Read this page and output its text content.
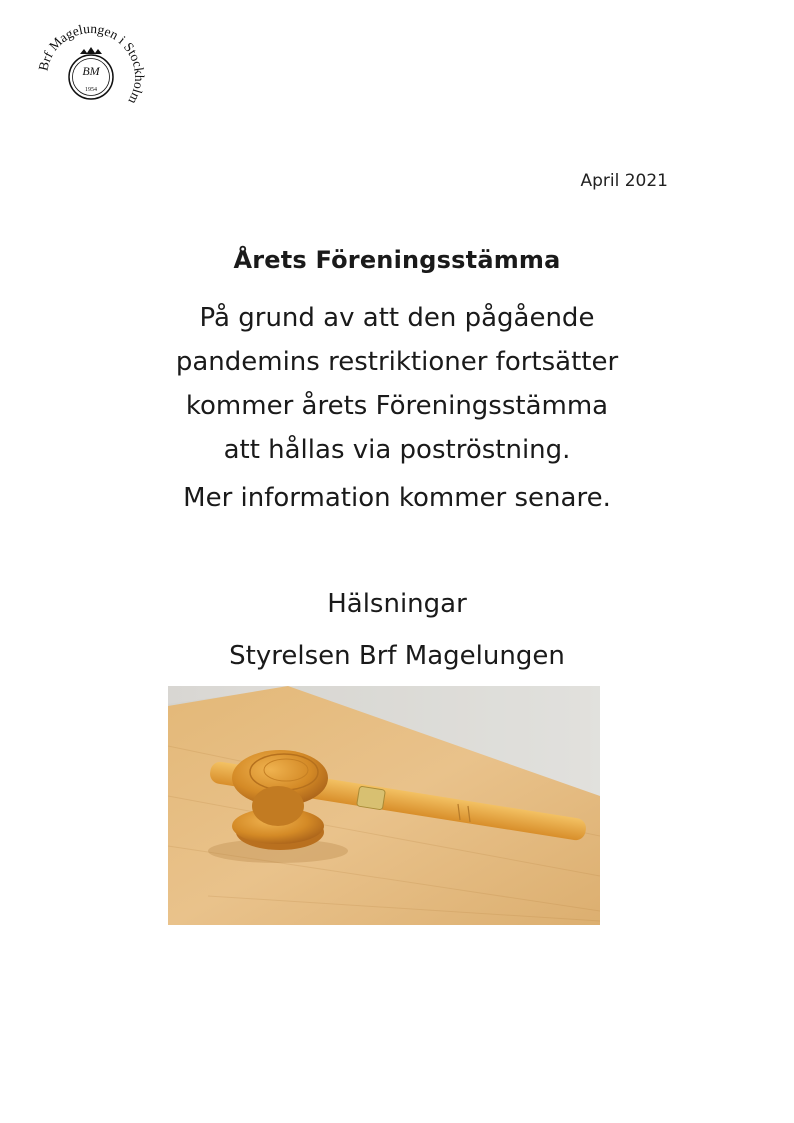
Brf Magelungen i Stockholm
BM
1954
April 2021
Årets Föreningsstämma
På grund av att den pågående
pandemins restriktioner fortsätter
kommer årets Föreningsstämma
att hållas via poströstning.
Mer information kommer senare.
Hälsningar
Styrelsen Brf Magelungen
